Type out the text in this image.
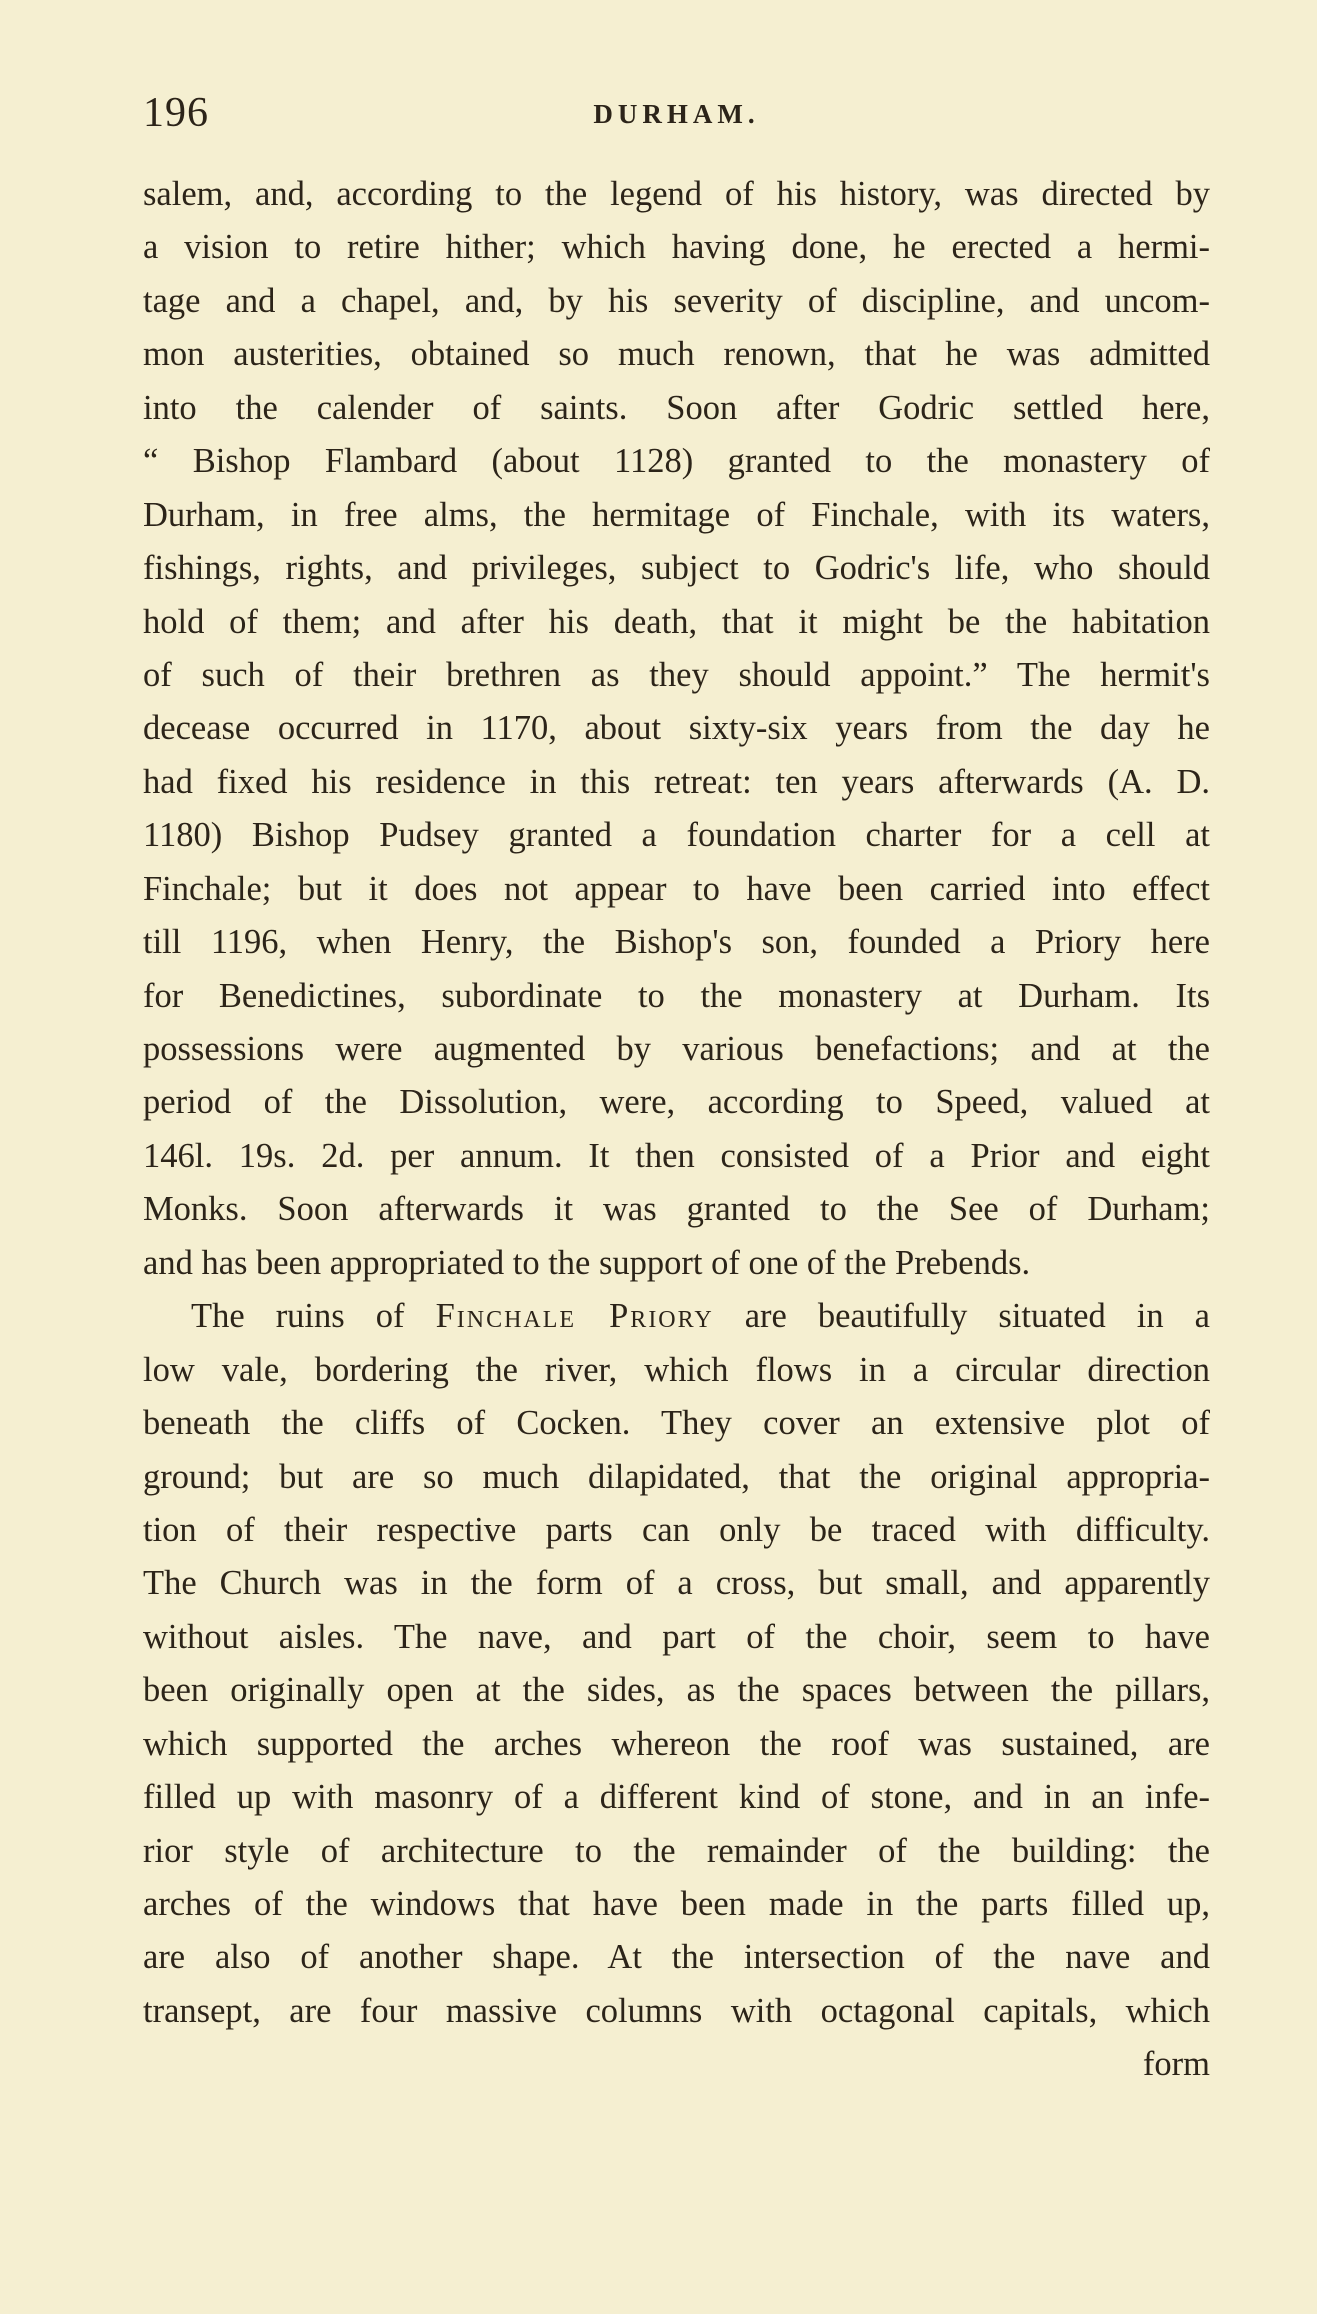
196	DURHAM.
salem, and, according to the legend of his history, was directed by
a vision to retire hither; which having done, he erected a hermi-
tage and a chapel, and, by his severity of discipline, and uncom-
mon austerities, obtained so much renown, that he was admitted
into the calender of saints. Soon after Godric settled here,
“ Bishop Flambard (about 1128) granted to the monastery of
Durham, in free alms, the hermitage of Finchale, with its waters,
fishings, rights, and privileges, subject to Godric's life, who should
hold of them; and after his death, that it might be the habitation
of such of their brethren as they should appoint.” The hermit's
decease occurred in 1170, about sixty-six years from the day he
had fixed his residence in this retreat: ten years afterwards (A. D.
1180) Bishop Pudsey granted a foundation charter for a cell at
Finchale; but it does not appear to have been carried into effect
till 1196, when Henry, the Bishop's son, founded a Priory here
for Benedictines, subordinate to the monastery at Durham. Its
possessions were augmented by various benefactions; and at the
period of the Dissolution, were, according to Speed, valued at
146l. 19s. 2d. per annum. It then consisted of a Prior and eight
Monks. Soon afterwards it was granted to the See of Durham;
and has been appropriated to the support of one of the Prebends.
The ruins of Finchale Priory are beautifully situated in a
low vale, bordering the river, which flows in a circular direction
beneath the cliffs of Cocken. They cover an extensive plot of
ground; but are so much dilapidated, that the original appropria-
tion of their respective parts can only be traced with difficulty.
The Church was in the form of a cross, but small, and apparently
without aisles. The nave, and part of the choir, seem to have
been originally open at the sides, as the spaces between the pillars,
which supported the arches whereon the roof was sustained, are
filled up with masonry of a different kind of stone, and in an infe-
rior style of architecture to the remainder of the building: the
arches of the windows that have been made in the parts filled up,
are also of another shape. At the intersection of the nave and
transept, are four massive columns with octagonal capitals, which
form
